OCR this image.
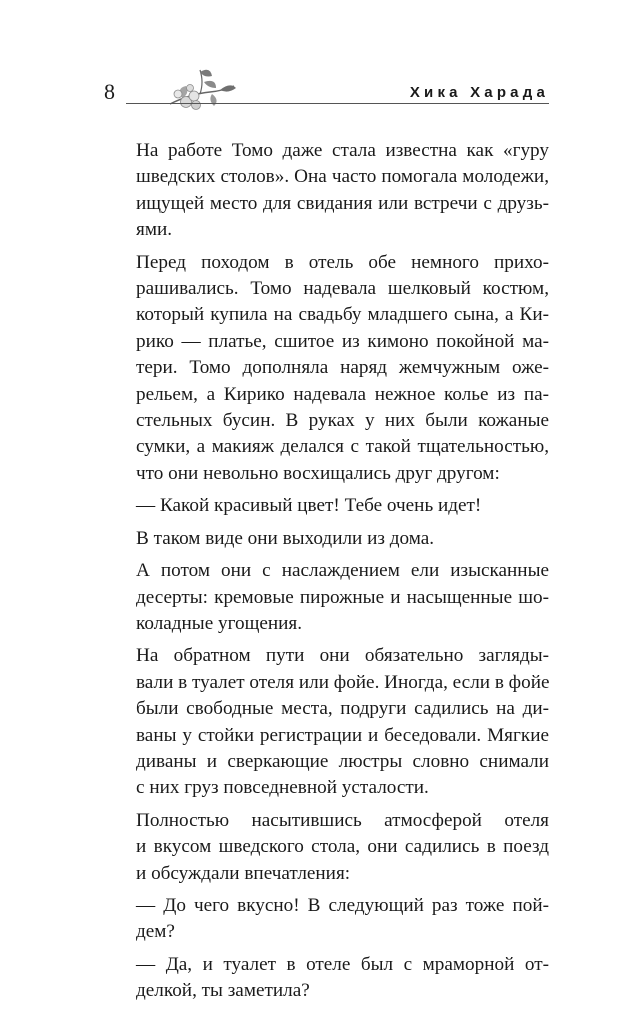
8	Хика Харада

На работе Томо даже стала известна как «гуру
шведских столов». Она часто помогала молодежи,
ищущей место для свидания или встречи с друзь-
ями.

Перед походом в отель обе немного прихо-
рашивались. Томо надевала шелковый костюм,
который купила на свадьбу младшего сына, а Ки-
рико — платье, сшитое из кимоно покойной ма-
тери. Томо дополняла наряд жемчужным оже-
рельем, а Кирико надевала нежное колье из па-
стельных бусин. В руках у них были кожаные
сумки, а макияж делался с такой тщательностью,
что они невольно восхищались друг другом:

— Какой красивый цвет! Тебе очень идет!

В таком виде они выходили из дома.

А потом они с наслаждением ели изысканные
десерты: кремовые пирожные и насыщенные шо-
коладные угощения.

На обратном пути они обязательно загляды-
вали в туалет отеля или фойе. Иногда, если в фойе
были свободные места, подруги садились на ди-
ваны у стойки регистрации и беседовали. Мягкие
диваны и сверкающие люстры словно снимали
с них груз повседневной усталости.

Полностью насытившись атмосферой отеля
и вкусом шведского стола, они садились в поезд
и обсуждали впечатления:

— До чего вкусно! В следующий раз тоже пой-
дем?

— Да, и туалет в отеле был с мраморной от-
делкой, ты заметила?
